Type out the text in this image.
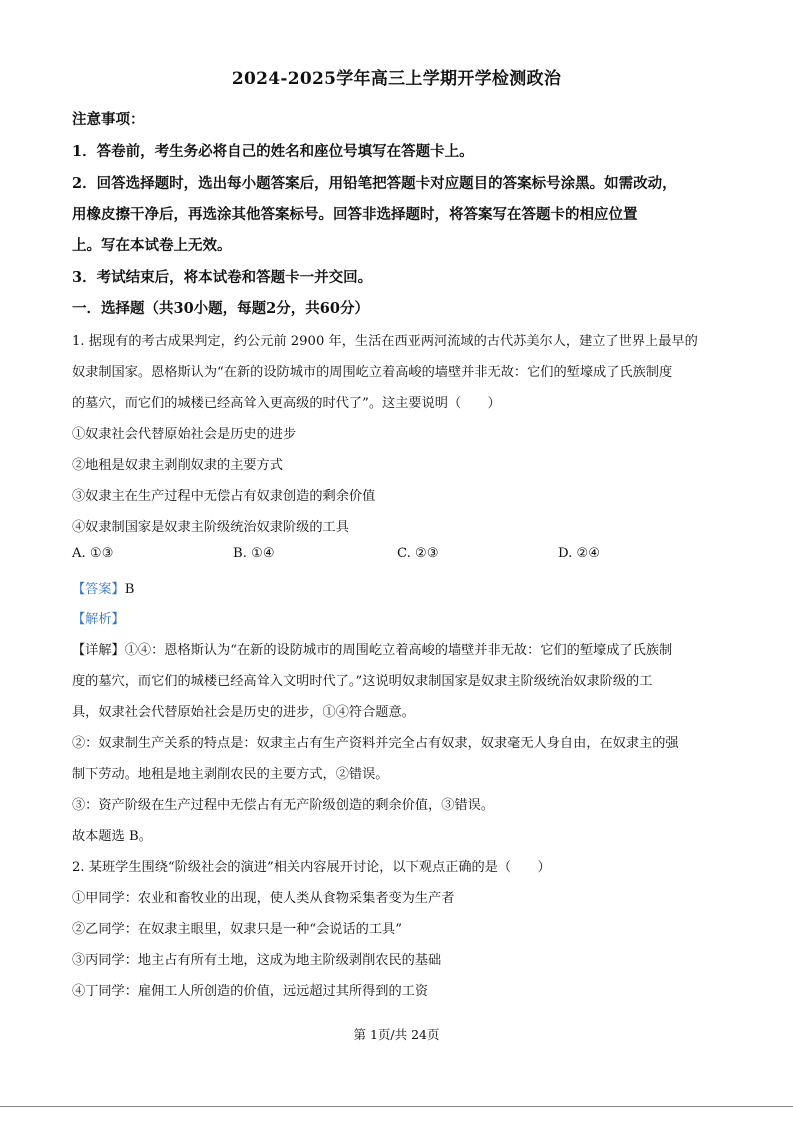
2024-2025学年高三上学期开学检测政治
注意事项：
1．答卷前，考生务必将自己的姓名和座位号填写在答题卡上。
2．回答选择题时，选出每小题答案后，用铅笔把答题卡对应题目的答案标号涂黑。如需改动，
用橡皮擦干净后，再选涂其他答案标号。回答非选择题时，将答案写在答题卡的相应位置
上。写在本试卷上无效。
3．考试结束后，将本试卷和答题卡一并交回。
一．选择题（共30小题，每题2分，共60分）
1. 据现有的考古成果判定，约公元前 2900 年，生活在西亚两河流域的古代苏美尔人，建立了世界上最早的
奴隶制国家。恩格斯认为“在新的设防城市的周围屹立着高峻的墙壁并非无故：它们的堑壕成了氏族制度
的墓穴，而它们的城楼已经高耸入更高级的时代了”。这主要说明（　　）
①奴隶社会代替原始社会是历史的进步
②地租是奴隶主剥削奴隶的主要方式
③奴隶主在生产过程中无偿占有奴隶创造的剩余价值
④奴隶制国家是奴隶主阶级统治奴隶阶级的工具
A. ①③	B. ①④	C. ②③	D. ②④
【答案】B
【解析】
【详解】①④：恩格斯认为“在新的设防城市的周围屹立着高峻的墙壁并非无故：它们的堑壕成了氏族制
度的墓穴，而它们的城楼已经高耸入文明时代了。”这说明奴隶制国家是奴隶主阶级统治奴隶阶级的工
具，奴隶社会代替原始社会是历史的进步，①④符合题意。
②：奴隶制生产关系的特点是：奴隶主占有生产资料并完全占有奴隶，奴隶毫无人身自由，在奴隶主的强
制下劳动。地租是地主剥削农民的主要方式，②错误。
③：资产阶级在生产过程中无偿占有无产阶级创造的剩余价值，③错误。
故本题选 B。
2. 某班学生围绕“阶级社会的演进”相关内容展开讨论，以下观点正确的是（　　）
①甲同学：农业和畜牧业的出现，使人类从食物采集者变为生产者
②乙同学：在奴隶主眼里，奴隶只是一种“会说话的工具”
③丙同学：地主占有所有土地，这成为地主阶级剥削农民的基础
④丁同学：雇佣工人所创造的价值，远远超过其所得到的工资
第 1页/共 24页
